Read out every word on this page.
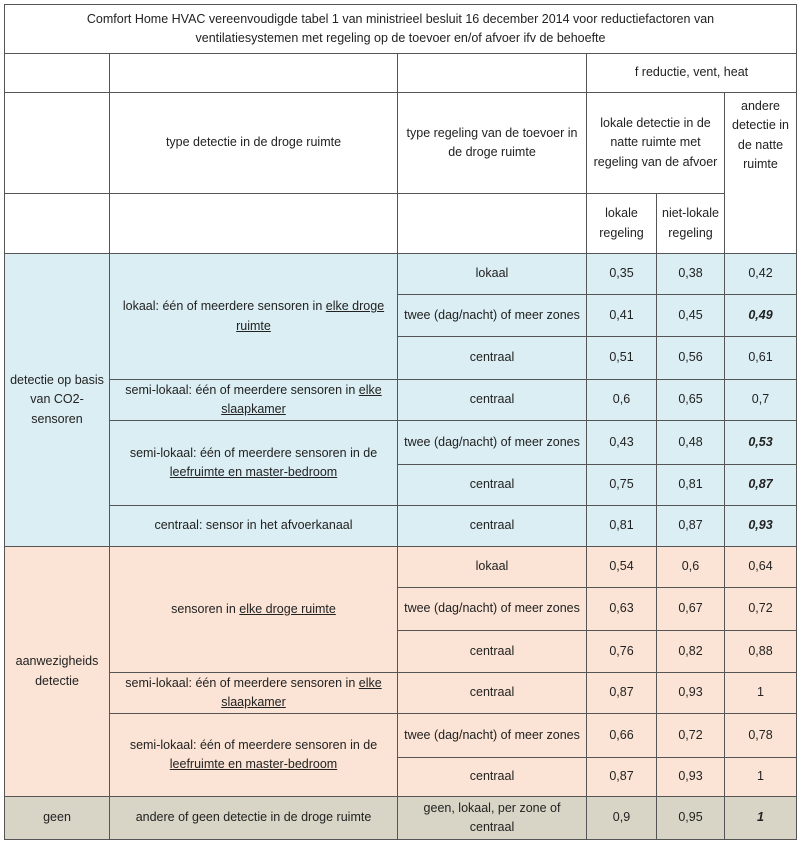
Comfort Home HVAC vereenvoudigde tabel 1 van ministrieel besluit 16 december 2014 voor reductiefactoren van
ventilatiesystemen met regeling op de toevoer en/of afvoer ifv de behoefte					
			f reductie, vent, heat		
	type detectie in de droge ruimte	type regeling van de toevoer in de droge ruimte	lokale detectie in de natte ruimte met regeling van de afvoer		andere detectie in de natte ruimte
			lokale regeling	niet-lokale regeling	
detectie op basis van CO2-sensoren	lokaal: één of meerdere sensoren in elke droge ruimte	lokaal	0,35	0,38	0,42
		twee (dag/nacht) of meer zones	0,41	0,45	0,49
		centraal	0,51	0,56	0,61
	semi-lokaal: één of meerdere sensoren in elke slaapkamer	centraal	0,6	0,65	0,7
	semi-lokaal: één of meerdere sensoren in de leefruimte en master-bedroom	twee (dag/nacht) of meer zones	0,43	0,48	0,53
		centraal	0,75	0,81	0,87
	centraal: sensor in het afvoerkanaal	centraal	0,81	0,87	0,93
aanwezigheids detectie	sensoren in elke droge ruimte	lokaal	0,54	0,6	0,64
		twee (dag/nacht) of meer zones	0,63	0,67	0,72
		centraal	0,76	0,82	0,88
	semi-lokaal: één of meerdere sensoren in elke slaapkamer	centraal	0,87	0,93	1
	semi-lokaal: één of meerdere sensoren in de leefruimte en master-bedroom	twee (dag/nacht) of meer zones	0,66	0,72	0,78
		centraal	0,87	0,93	1
geen	andere of geen detectie in de droge ruimte	geen, lokaal, per zone of centraal	0,9	0,95	1
